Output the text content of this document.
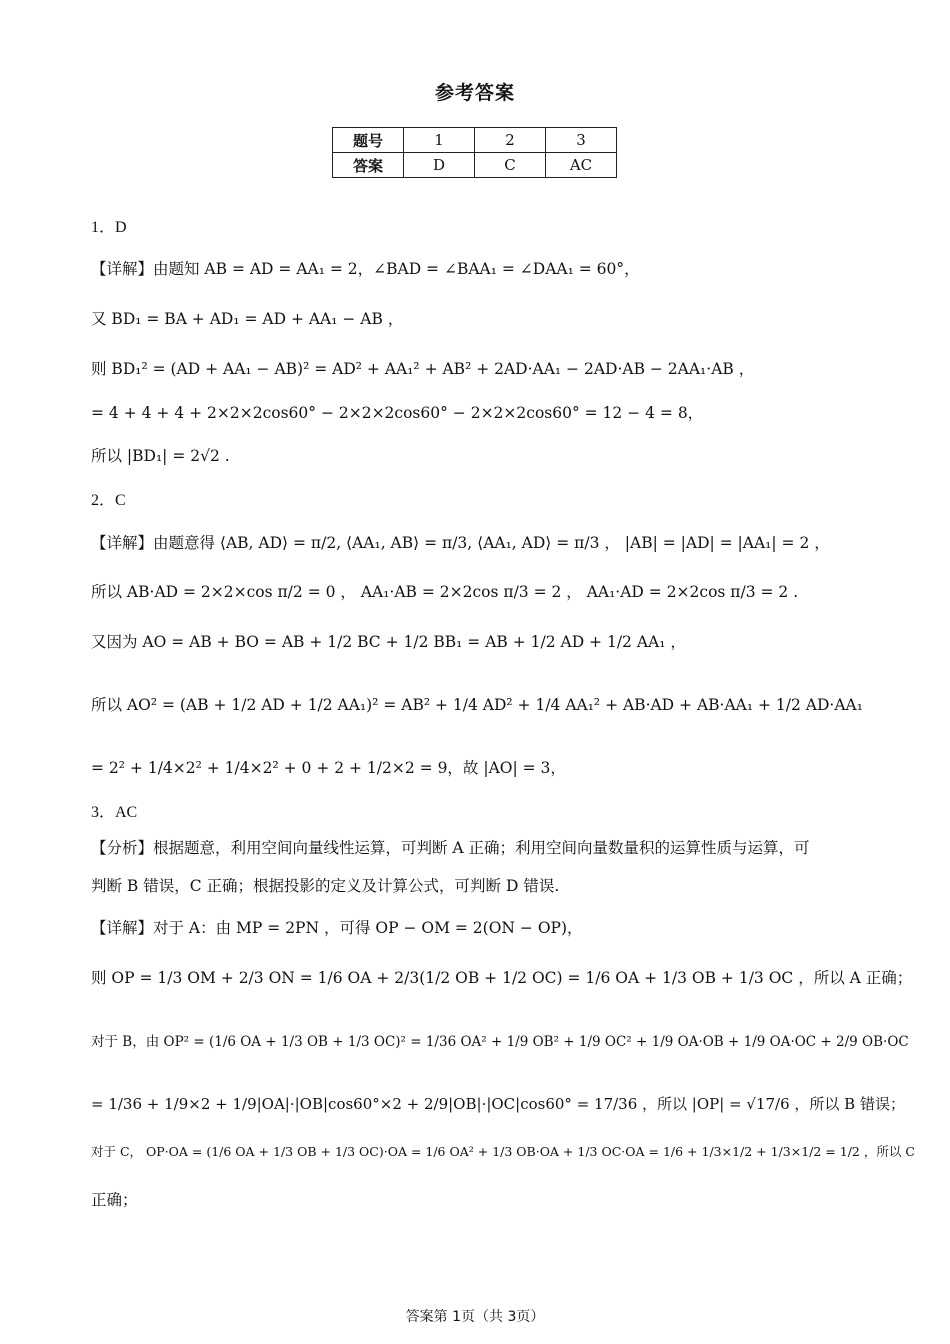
参考答案
题号	1	2	3
答案	D	C	AC
1．D
【详解】由题知 AB = AD = AA₁ = 2，∠BAD = ∠BAA₁ = ∠DAA₁ = 60°，
又 BD₁ = BA + AD₁ = AD + AA₁ − AB ，
则 BD₁² = (AD + AA₁ − AB)² = AD² + AA₁² + AB² + 2AD·AA₁ − 2AD·AB − 2AA₁·AB ，
= 4 + 4 + 4 + 2×2×2cos60° − 2×2×2cos60° − 2×2×2cos60° = 12 − 4 = 8，
所以 |BD₁| = 2√2 .
2．C
【详解】由题意得 ⟨AB, AD⟩ = π/2, ⟨AA₁, AB⟩ = π/3, ⟨AA₁, AD⟩ = π/3 ， |AB| = |AD| = |AA₁| = 2 ，
所以 AB·AD = 2×2×cos π/2 = 0 ， AA₁·AB = 2×2cos π/3 = 2 ， AA₁·AD = 2×2cos π/3 = 2 .
又因为 AO = AB + BO = AB + 1/2 BC + 1/2 BB₁ = AB + 1/2 AD + 1/2 AA₁ ，
所以 AO² = (AB + 1/2 AD + 1/2 AA₁)² = AB² + 1/4 AD² + 1/4 AA₁² + AB·AD + AB·AA₁ + 1/2 AD·AA₁
= 2² + 1/4×2² + 1/4×2² + 0 + 2 + 1/2×2 = 9，故 |AO| = 3，
3．AC
【分析】根据题意，利用空间向量线性运算，可判断 A 正确；利用空间向量数量积的运算性质与运算，可
判断 B 错误，C 正确；根据投影的定义及计算公式，可判断 D 错误.
【详解】对于 A：由 MP = 2PN ，可得 OP − OM = 2(ON − OP)，
则 OP = 1/3 OM + 2/3 ON = 1/6 OA + 2/3(1/2 OB + 1/2 OC) = 1/6 OA + 1/3 OB + 1/3 OC ，所以 A 正确；
对于 B，由 OP² = (1/6 OA + 1/3 OB + 1/3 OC)² = 1/36 OA² + 1/9 OB² + 1/9 OC² + 1/9 OA·OB + 1/9 OA·OC + 2/9 OB·OC
= 1/36 + 1/9×2 + 1/9|OA|·|OB|cos60°×2 + 2/9|OB|·|OC|cos60° = 17/36 ，所以 |OP| = √17/6 ，所以 B 错误；
对于 C， OP·OA = (1/6 OA + 1/3 OB + 1/3 OC)·OA = 1/6 OA² + 1/3 OB·OA + 1/3 OC·OA = 1/6 + 1/3×1/2 + 1/3×1/2 = 1/2 ，所以 C
正确；
答案第 1页（共 3页）
